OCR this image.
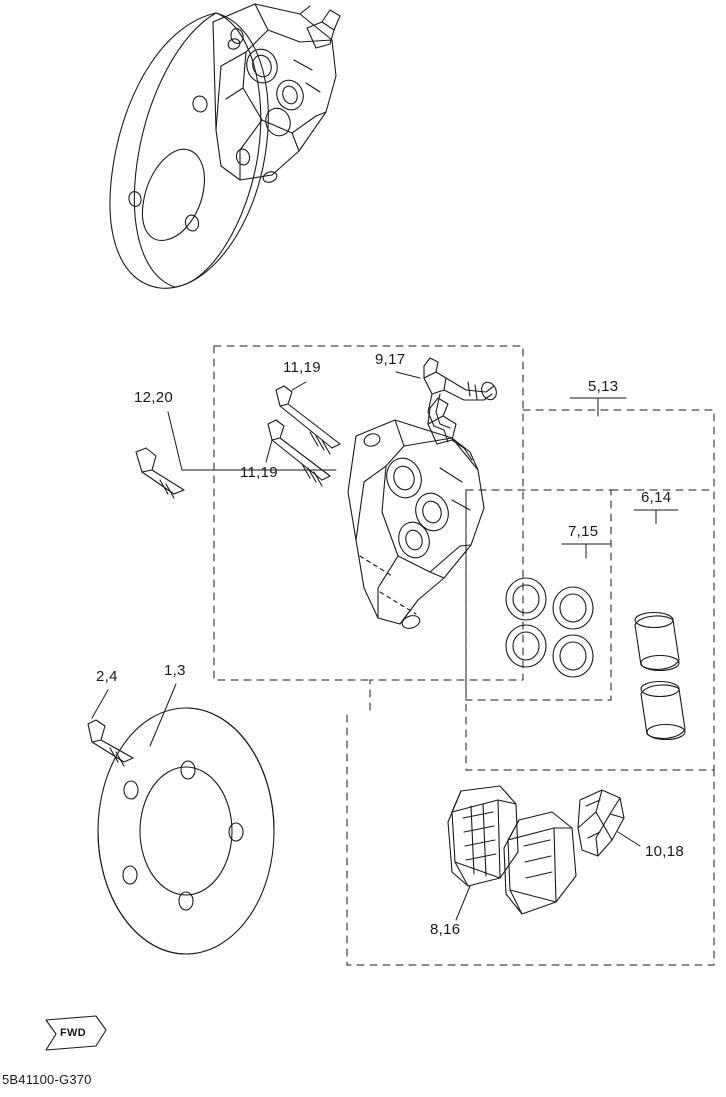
11,19	9,17
5,13
12,20
11,19
6,14
7,15
2,4	1,3
10,18
8,16
FWD
5B41100-G370
